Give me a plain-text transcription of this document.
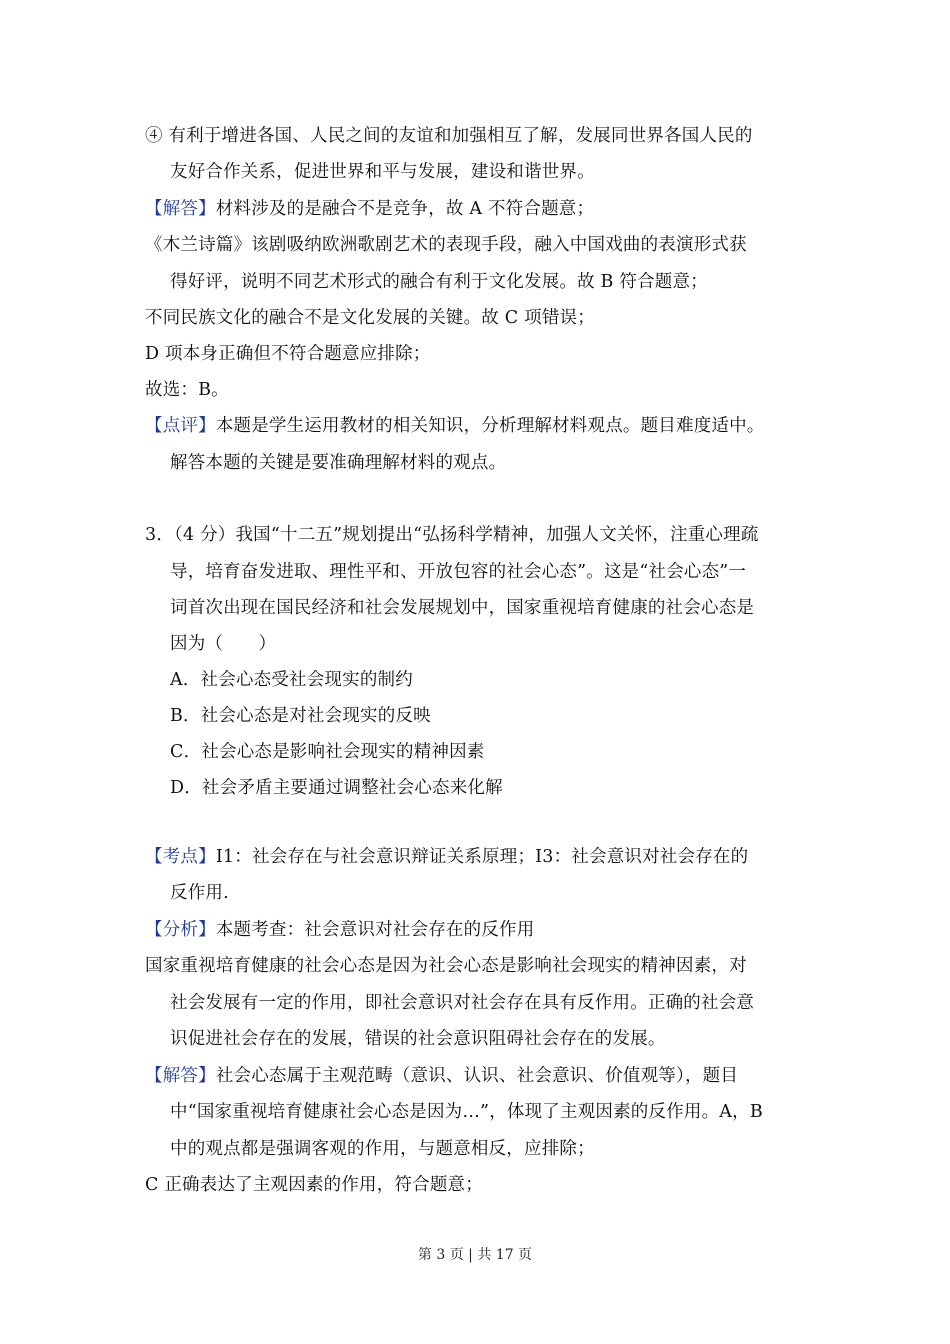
④ 有利于增进各国、人民之间的友谊和加强相互了解，发展同世界各国人民的
友好合作关系，促进世界和平与发展，建设和谐世界。
【解答】材料涉及的是融合不是竞争，故 A 不符合题意；
《木兰诗篇》该剧吸纳欧洲歌剧艺术的表现手段，融入中国戏曲的表演形式获
得好评，说明不同艺术形式的融合有利于文化发展。故 B 符合题意；
不同民族文化的融合不是文化发展的关键。故 C 项错误；
D 项本身正确但不符合题意应排除；
故选：B。
【点评】本题是学生运用教材的相关知识，分析理解材料观点。题目难度适中。
解答本题的关键是要准确理解材料的观点。
3．（4 分）我国“十二五”规划提出“弘扬科学精神，加强人文关怀，注重心理疏
导，培育奋发进取、理性平和、开放包容的社会心态”。这是“社会心态”一
词首次出现在国民经济和社会发展规划中，国家重视培育健康的社会心态是
因为（　　）
A．社会心态受社会现实的制约
B．社会心态是对社会现实的反映
C．社会心态是影响社会现实的精神因素
D．社会矛盾主要通过调整社会心态来化解
【考点】I1：社会存在与社会意识辩证关系原理；I3：社会意识对社会存在的
反作用.
【分析】本题考查：社会意识对社会存在的反作用
国家重视培育健康的社会心态是因为社会心态是影响社会现实的精神因素，对
社会发展有一定的作用，即社会意识对社会存在具有反作用。正确的社会意
识促进社会存在的发展，错误的社会意识阻碍社会存在的发展。
【解答】社会心态属于主观范畴（意识、认识、社会意识、价值观等），题目
中“国家重视培育健康社会心态是因为…”，体现了主观因素的反作用。A，B
中的观点都是强调客观的作用，与题意相反，应排除；
C 正确表达了主观因素的作用，符合题意；
第 3 页 | 共 17 页
